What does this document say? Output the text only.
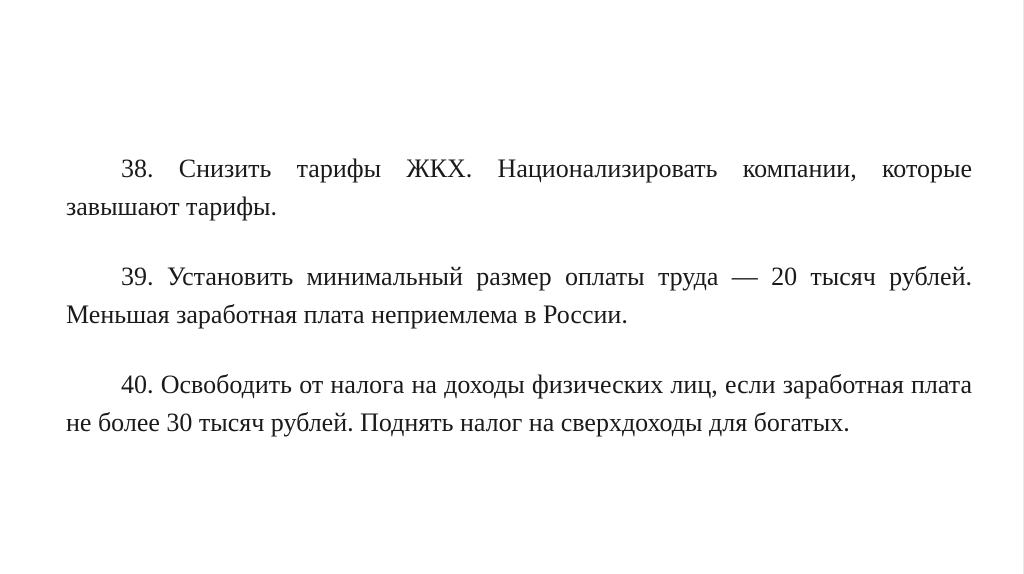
38. Снизить тарифы ЖКХ. Национализировать компании, которые завышают тарифы.

39. Установить минимальный размер оплаты труда — 20 тысяч рублей. Меньшая заработная плата неприемлема в России.

40. Освободить от налога на доходы физических лиц, если заработная плата не более 30 тысяч рублей. Поднять налог на сверхдоходы для богатых.
